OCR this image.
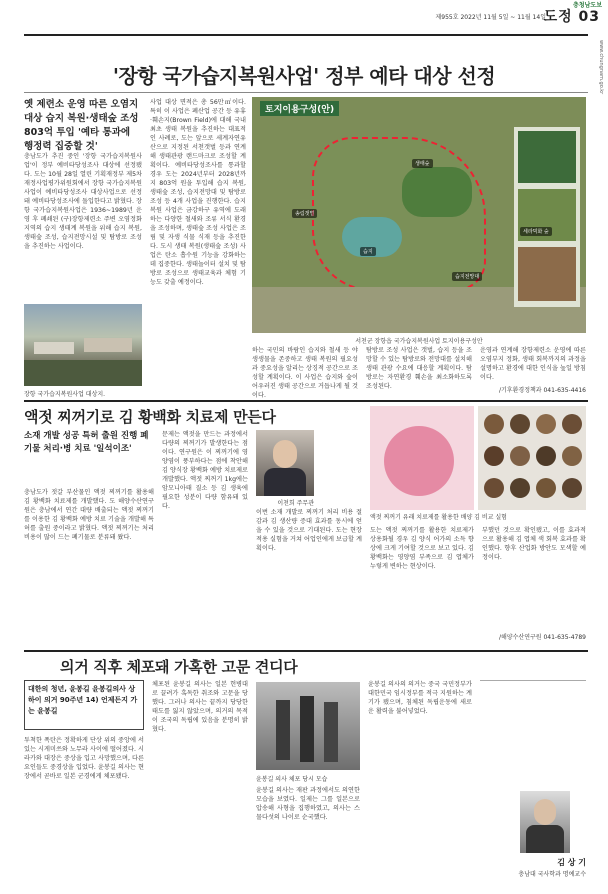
제955호 2022년 11월 5일 ~ 11월 14일
도정 03
충청남도보
www.chungnam.go.kr
'장항 국가습지복원사업' 정부 예타 대상 선정
옛 제련소 운영 따른 오염지 대상 습지 복원·생태숲 조성 803억 투입 '예타 통과에 행정력 집중할 것'
충남도가 추진 중인 '장항 국가습지복원사업'이 정부 예비타당성조사 대상에 선정됐다. 도는 10월 28일 열린 기획재정부 제5차 재정사업평가위원회에서 장항 국가습지복원사업이 예비타당성조사 대상사업으로 선정돼 예비타당성조사에 돌입한다고 밝혔다. 장항 국가습지복원사업은 1936~1989년 운영 후 폐쇄된 (구)장항제련소 주변 오염정화지역의 습지 생태계 복원을 위해 습지 복원, 생태숲 조성, 습지전망시설 및 탐방로 조성을 추진하는 사업이다.
장항 국가습지복원사업 대상지.
사업 대상 면적은 총 56만㎡이다. 특히 이 사업은 폐산업 공간 등 유휴·훼손지(Brown Field)에 대해 국내 최초 생태 복원을 추진하는 대표적인 사례로, 도는 앞으로 세계자연유산으로 지정된 서천갯벌 등과 연계해 생태관광 랜드마크로 조성할 계획이다. 예비타당성조사를 통과할 경우 도는 2024년부터 2028년까지 803억 원을 투입해 습지 복원, 생태숲 조성, 습지전망대 및 탐방로 조성 등 4개 사업을 진행한다. 습지 복원 사업은 금강하구 유역에 도래하는 다양한 철새와 조류 서식 환경을 조성하며, 생태숲 조성 사업은 조림 및 자생 식물 식재 등을 추진한다. 도시 생태 복원(생태숲 조성) 사업은 탄소 흡수원 기능을 강화하는 데 집중한다. 생태놀이터 설치 및 탐방로 조성으로 생태교육과 체험 기능도 갖출 예정이다.
토지이용구성(안)
송림갯벌
생태숲
습지
습지전망대
세라믹화 숲
서천군 장항읍 국가습지복원사업 토지이용구성안
하는 국민의 바람인 습지와 철새 등 야생생물을 존중하고 생태 복원의 필요성과 중요성을 알리는 상징적 공간으로 조성할 계획이다. 이 사업은 습지와 숲이 어우러진 생태 공간으로 거듭나게 될 것이다.
탐방로 조성 사업은 갯벌, 습지 등을 조망할 수 있는 탐방로와 전망대를 설치해 생태 관광 수요에 대응할 계획이다. 탐방로는 자연환경 훼손을 최소화하도록 조성된다.
운영과 연계해 장항제련소 운영에 따른 오염부지 정화, 생태 회복까지의 과정을 설명하고 환경에 대한 인식을 높일 방침이다.
/기후환경정책과 041-635-4416
액젓 찌꺼기로 김 황백화 치료제 만든다
소재 개발 성공 특허 출원 진행 폐기물 처리·병 치료 '일석이조'
충남도가 젓갈 부산물인 액젓 찌꺼기를 활용해 김 황백화 치료제를 개발했다. 도 해양수산연구원은 충남에서 연간 대량 배출되는 액젓 찌꺼기를 이용한 김 황백화 예방 치료 기술을 개발해 특허를 출원 중이라고 밝혔다. 액젓 찌꺼기는 처리 비용이 많이 드는 폐기물로 분류돼 왔다.
문제는 액젓을 만드는 과정에서 다량의 찌꺼기가 발생한다는 점이다. 연구원은 이 찌꺼기에 영양염이 풍부하다는 점에 착안해 김 양식장 황백화 예방 치료제로 개발했다. 액젓 찌꺼기 1kg에는 암모니아태 질소 등 김 생육에 필요한 성분이 다량 함유돼 있다.	이천희 주무관
이번 소재 개발로 찌꺼기 처리 비용 절감과 김 생산량 증대 효과를 동시에 얻을 수 있을 것으로 기대된다. 도는 현장 적용 실험을 거쳐 어업인에게 보급할 계획이다.
액젓 찌꺼기 유래 치료제를 활용한 배양 김 비교 실험
도는 액젓 찌꺼기를 활용한 치료제가 상용화될 경우 김 양식 어가의 소득 향상에 크게 기여할 것으로 보고 있다. 김 황백화는 영양염 부족으로 김 엽체가 누렇게 변하는 현상이다.
부했던 것으로 확인됐고, 이를 효과적으로 활용해 김 엽체 색 회복 효과를 확인했다. 향후 산업화 방안도 모색할 예정이다.
/해양수산연구원 041-635-4789
의거 직후 체포돼 가혹한 고문 견디다
대한의 청년, 윤봉길 윤봉길의사 상하이 의거 90주년 14) 언제든지 가는 윤봉길
투척한 폭탄은 정확하게 단상 위의 중앙에 서 있는 시게미쓰와 노무라 사이에 떨어졌다. 시라카와 대장은 중상을 입고 사망했으며, 다른 요인들도 중경상을 입었다. 윤봉길 의사는 현장에서 곧바로 일본 군경에게 체포됐다.
체포된 윤봉길 의사는 일본 헌병대로 끌려가 혹독한 취조와 고문을 당했다. 그러나 의사는 끝까지 당당한 태도를 잃지 않았으며, 의거의 목적이 조국의 독립에 있음을 분명히 밝혔다.
윤봉길 의사 체포 당시 모습
윤봉길 의사는 재판 과정에서도 의연한 모습을 보였다. 일제는 그를 일본으로 압송해 사형을 집행하였고, 의사는 스물다섯의 나이로 순국했다.
윤봉길 의사의 의거는 중국 국민정부가 대한민국 임시정부를 적극 지원하는 계기가 됐으며, 침체된 독립운동에 새로운 활력을 불어넣었다.
김 상 기
충남대 국사학과 명예교수
